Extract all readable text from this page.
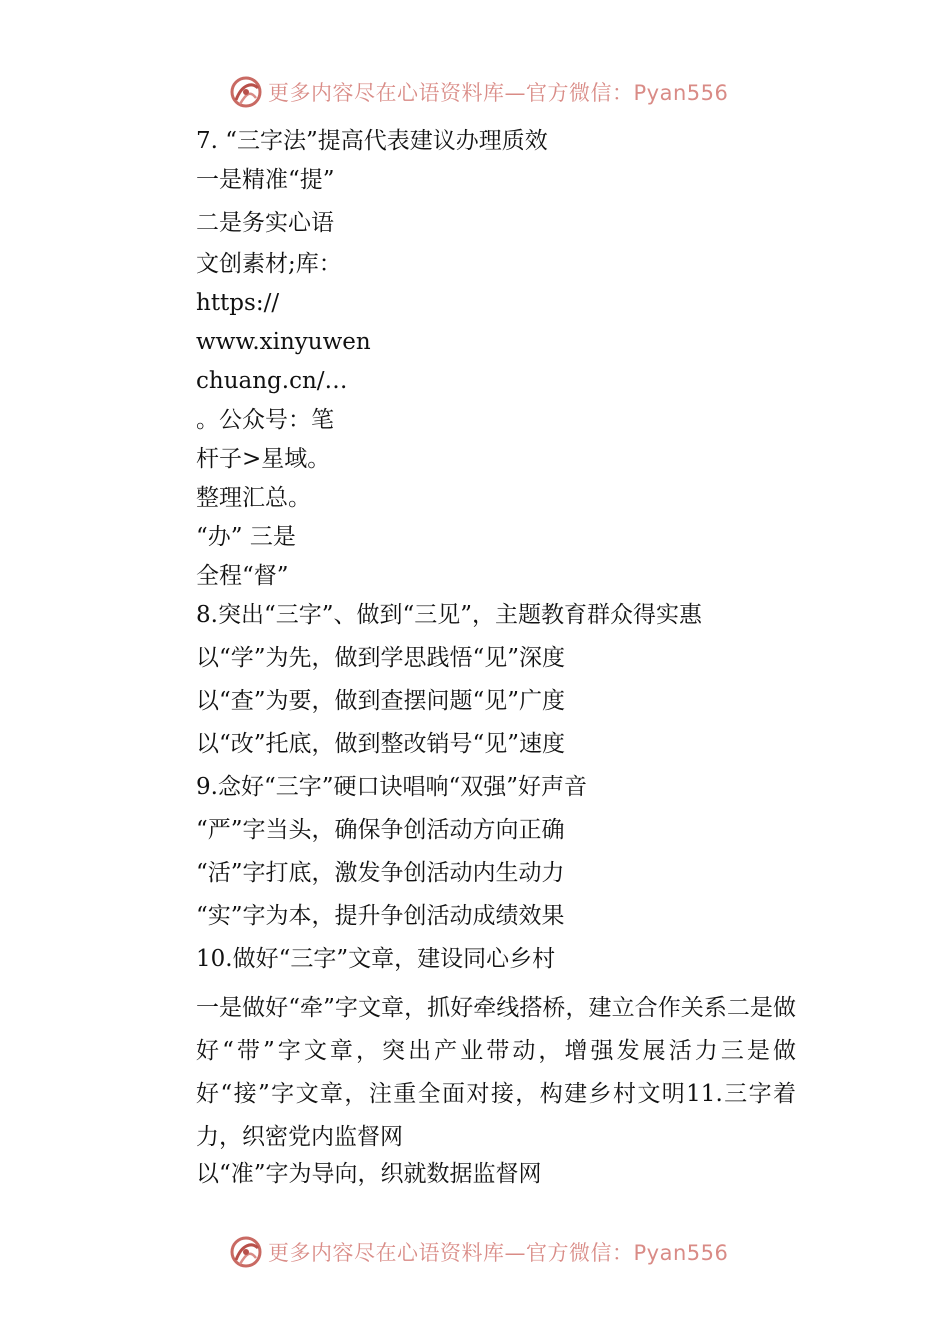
更多内容尽在心语资料库—官方微信：Pyan556
7. “三字法”提高代表建议办理质效
一是精准“提”
二是务实心语
文创素材;库：
https://
www.xinyuwen
chuang.cn/…
。公众号：笔
杆子>星域。
整理汇总。
“办” 三是
全程“督”
8.突出“三字”、做到“三见”，主题教育群众得实惠
以“学”为先，做到学思践悟“见”深度
以“查”为要，做到查摆问题“见”广度
以“改”托底，做到整改销号“见”速度
9.念好“三字”硬口诀唱响“双强”好声音
“严”字当头，确保争创活动方向正确
“活”字打底，激发争创活动内生动力
“实”字为本，提升争创活动成绩效果
10.做好“三字”文章，建设同心乡村
一是做好“牵”字文章，抓好牵线搭桥，建立合作关系二是做好“带”字文章，突出产业带动，增强发展活力三是做好“接”字文章，注重全面对接，构建乡村文明11.三字着力，织密党内监督网
以“准”字为导向，织就数据监督网
更多内容尽在心语资料库—官方微信：Pyan556
